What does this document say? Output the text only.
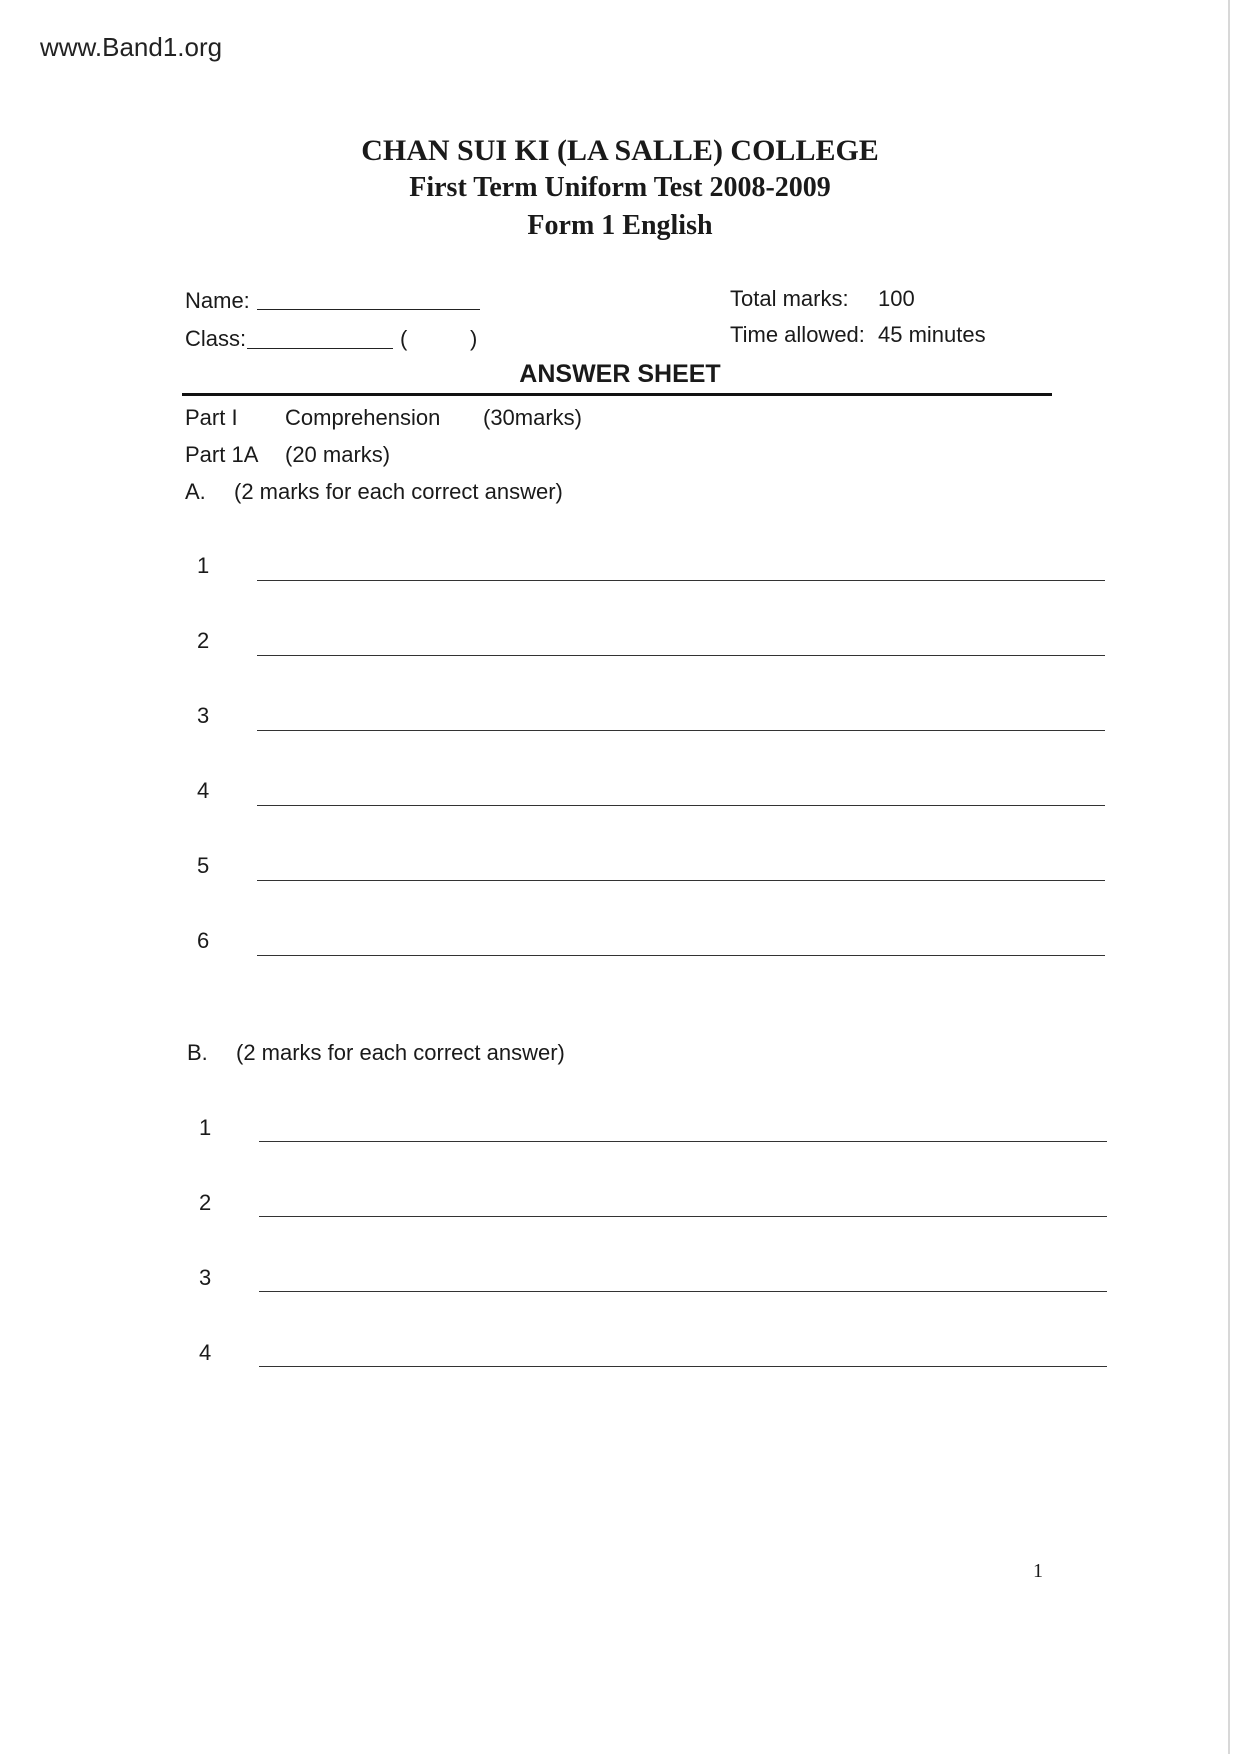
www.Band1.org
CHAN SUI KI (LA SALLE) COLLEGE
First Term Uniform Test 2008-2009
Form 1 English
Name:
Class:	(	)
Total marks: 100
Time allowed: 45 minutes
ANSWER SHEET
Part I Comprehension (30marks)
Part 1A (20 marks)
A. (2 marks for each correct answer)
1
2
3
4
5
6
B. (2 marks for each correct answer)
1
2
3
4
1
